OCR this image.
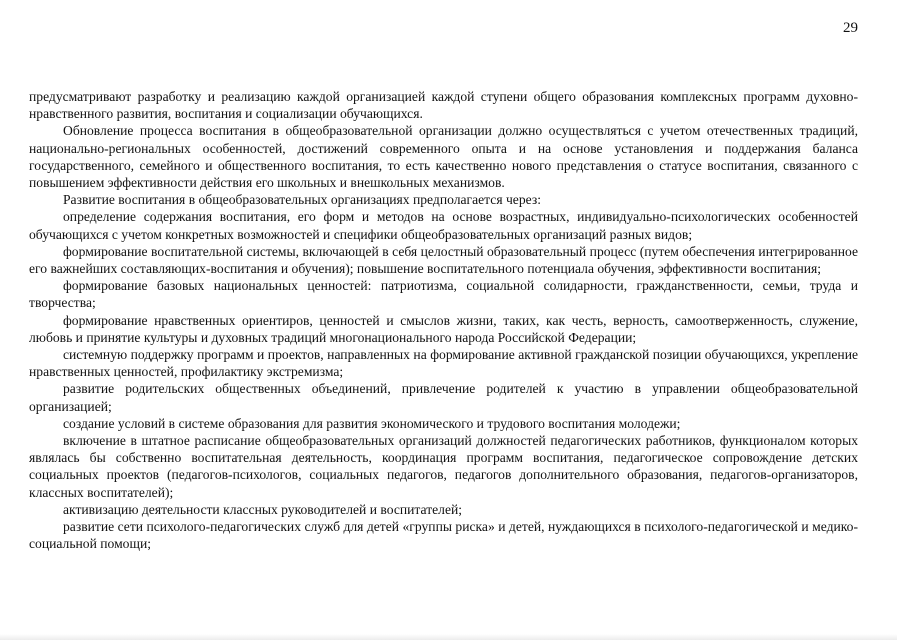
29

предусматривают разработку и реализацию каждой организацией каждой ступени общего образования комплексных программ духовно- нравственного развития, воспитания и социализации обучающихся.

Обновление процесса воспитания в общеобразовательной организации должно осуществляться с учетом отечественных традиций, национально-региональных особенностей, достижений современного опыта и на основе установления и поддержания баланса государственного, семейного и общественного воспитания, то есть качественно нового представления о статусе воспитания, связанного с повышением эффективности действия его школьных и внешкольных механизмов.

Развитие воспитания в общеобразовательных организациях предполагается через:

определение содержания воспитания, его форм и методов на основе возрастных, индивидуально-психологических особенностей обучающихся с учетом конкретных возможностей и специфики общеобразовательных организаций разных видов;

формирование воспитательной системы, включающей в себя целостный образовательный процесс (путем обеспечения интегрированное его важнейших составляющих-воспитания и обучения); повышение воспитательного потенциала обучения, эффективности воспитания;

формирование базовых национальных ценностей: патриотизма, социальной солидарности, гражданственности, семьи, труда и творчества;

формирование нравственных ориентиров, ценностей и смыслов жизни, таких, как честь, верность, самоотверженность, служение, любовь и принятие культуры и духовных традиций многонационального народа Российской Федерации;

системную поддержку программ и проектов, направленных на формирование активной гражданской позиции обучающихся, укрепление нравственных ценностей, профилактику экстремизма;

развитие родительских общественных объединений, привлечение родителей к участию в управлении общеобразовательной организацией;

создание условий в системе образования для развития экономического и трудового воспитания молодежи;

включение в штатное расписание общеобразовательных организаций должностей педагогических работников, функционалом которых являлась бы собственно воспитательная деятельность, координация программ воспитания, педагогическое сопровождение детских социальных проектов (педагогов-психологов, социальных педагогов, педагогов дополнительного образования, педагогов-организаторов, классных воспитателей);

активизацию деятельности классных руководителей и воспитателей;

развитие сети психолого-педагогических служб для детей «группы риска» и детей, нуждающихся в психолого-педагогической и медико-социальной помощи;
